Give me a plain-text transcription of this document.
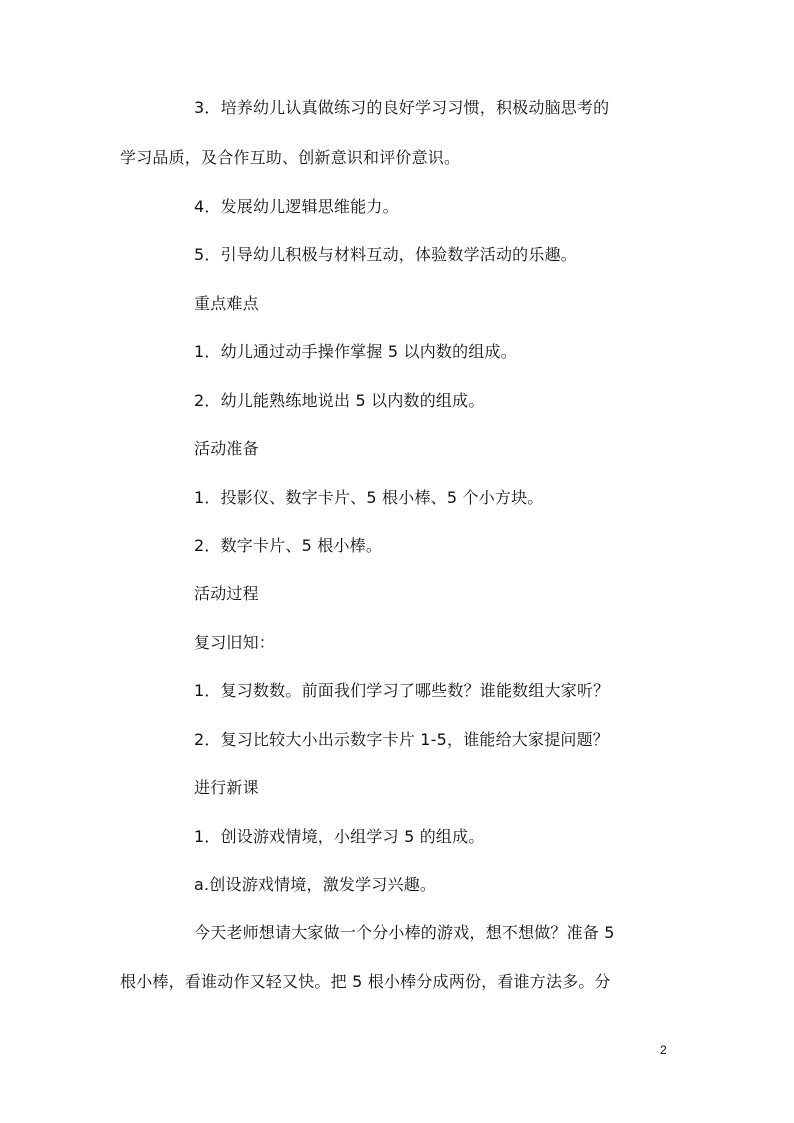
3．培养幼儿认真做练习的良好学习习惯，积极动脑思考的
学习品质，及合作互助、创新意识和评价意识。
4．发展幼儿逻辑思维能力。
5．引导幼儿积极与材料互动，体验数学活动的乐趣。
重点难点
1．幼儿通过动手操作掌握 5 以内数的组成。
2．幼儿能熟练地说出 5 以内数的组成。
活动准备
1．投影仪、数字卡片、5 根小棒、5 个小方块。
2．数字卡片、5 根小棒。
活动过程
复习旧知：
1．复习数数。前面我们学习了哪些数？谁能数组大家听？
2．复习比较大小出示数字卡片 1-5，谁能给大家提问题？
进行新课
1．创设游戏情境，小组学习 5 的组成。
a.创设游戏情境，激发学习兴趣。
今天老师想请大家做一个分小棒的游戏，想不想做？准备 5
根小棒，看谁动作又轻又快。把 5 根小棒分成两份，看谁方法多。分
2
